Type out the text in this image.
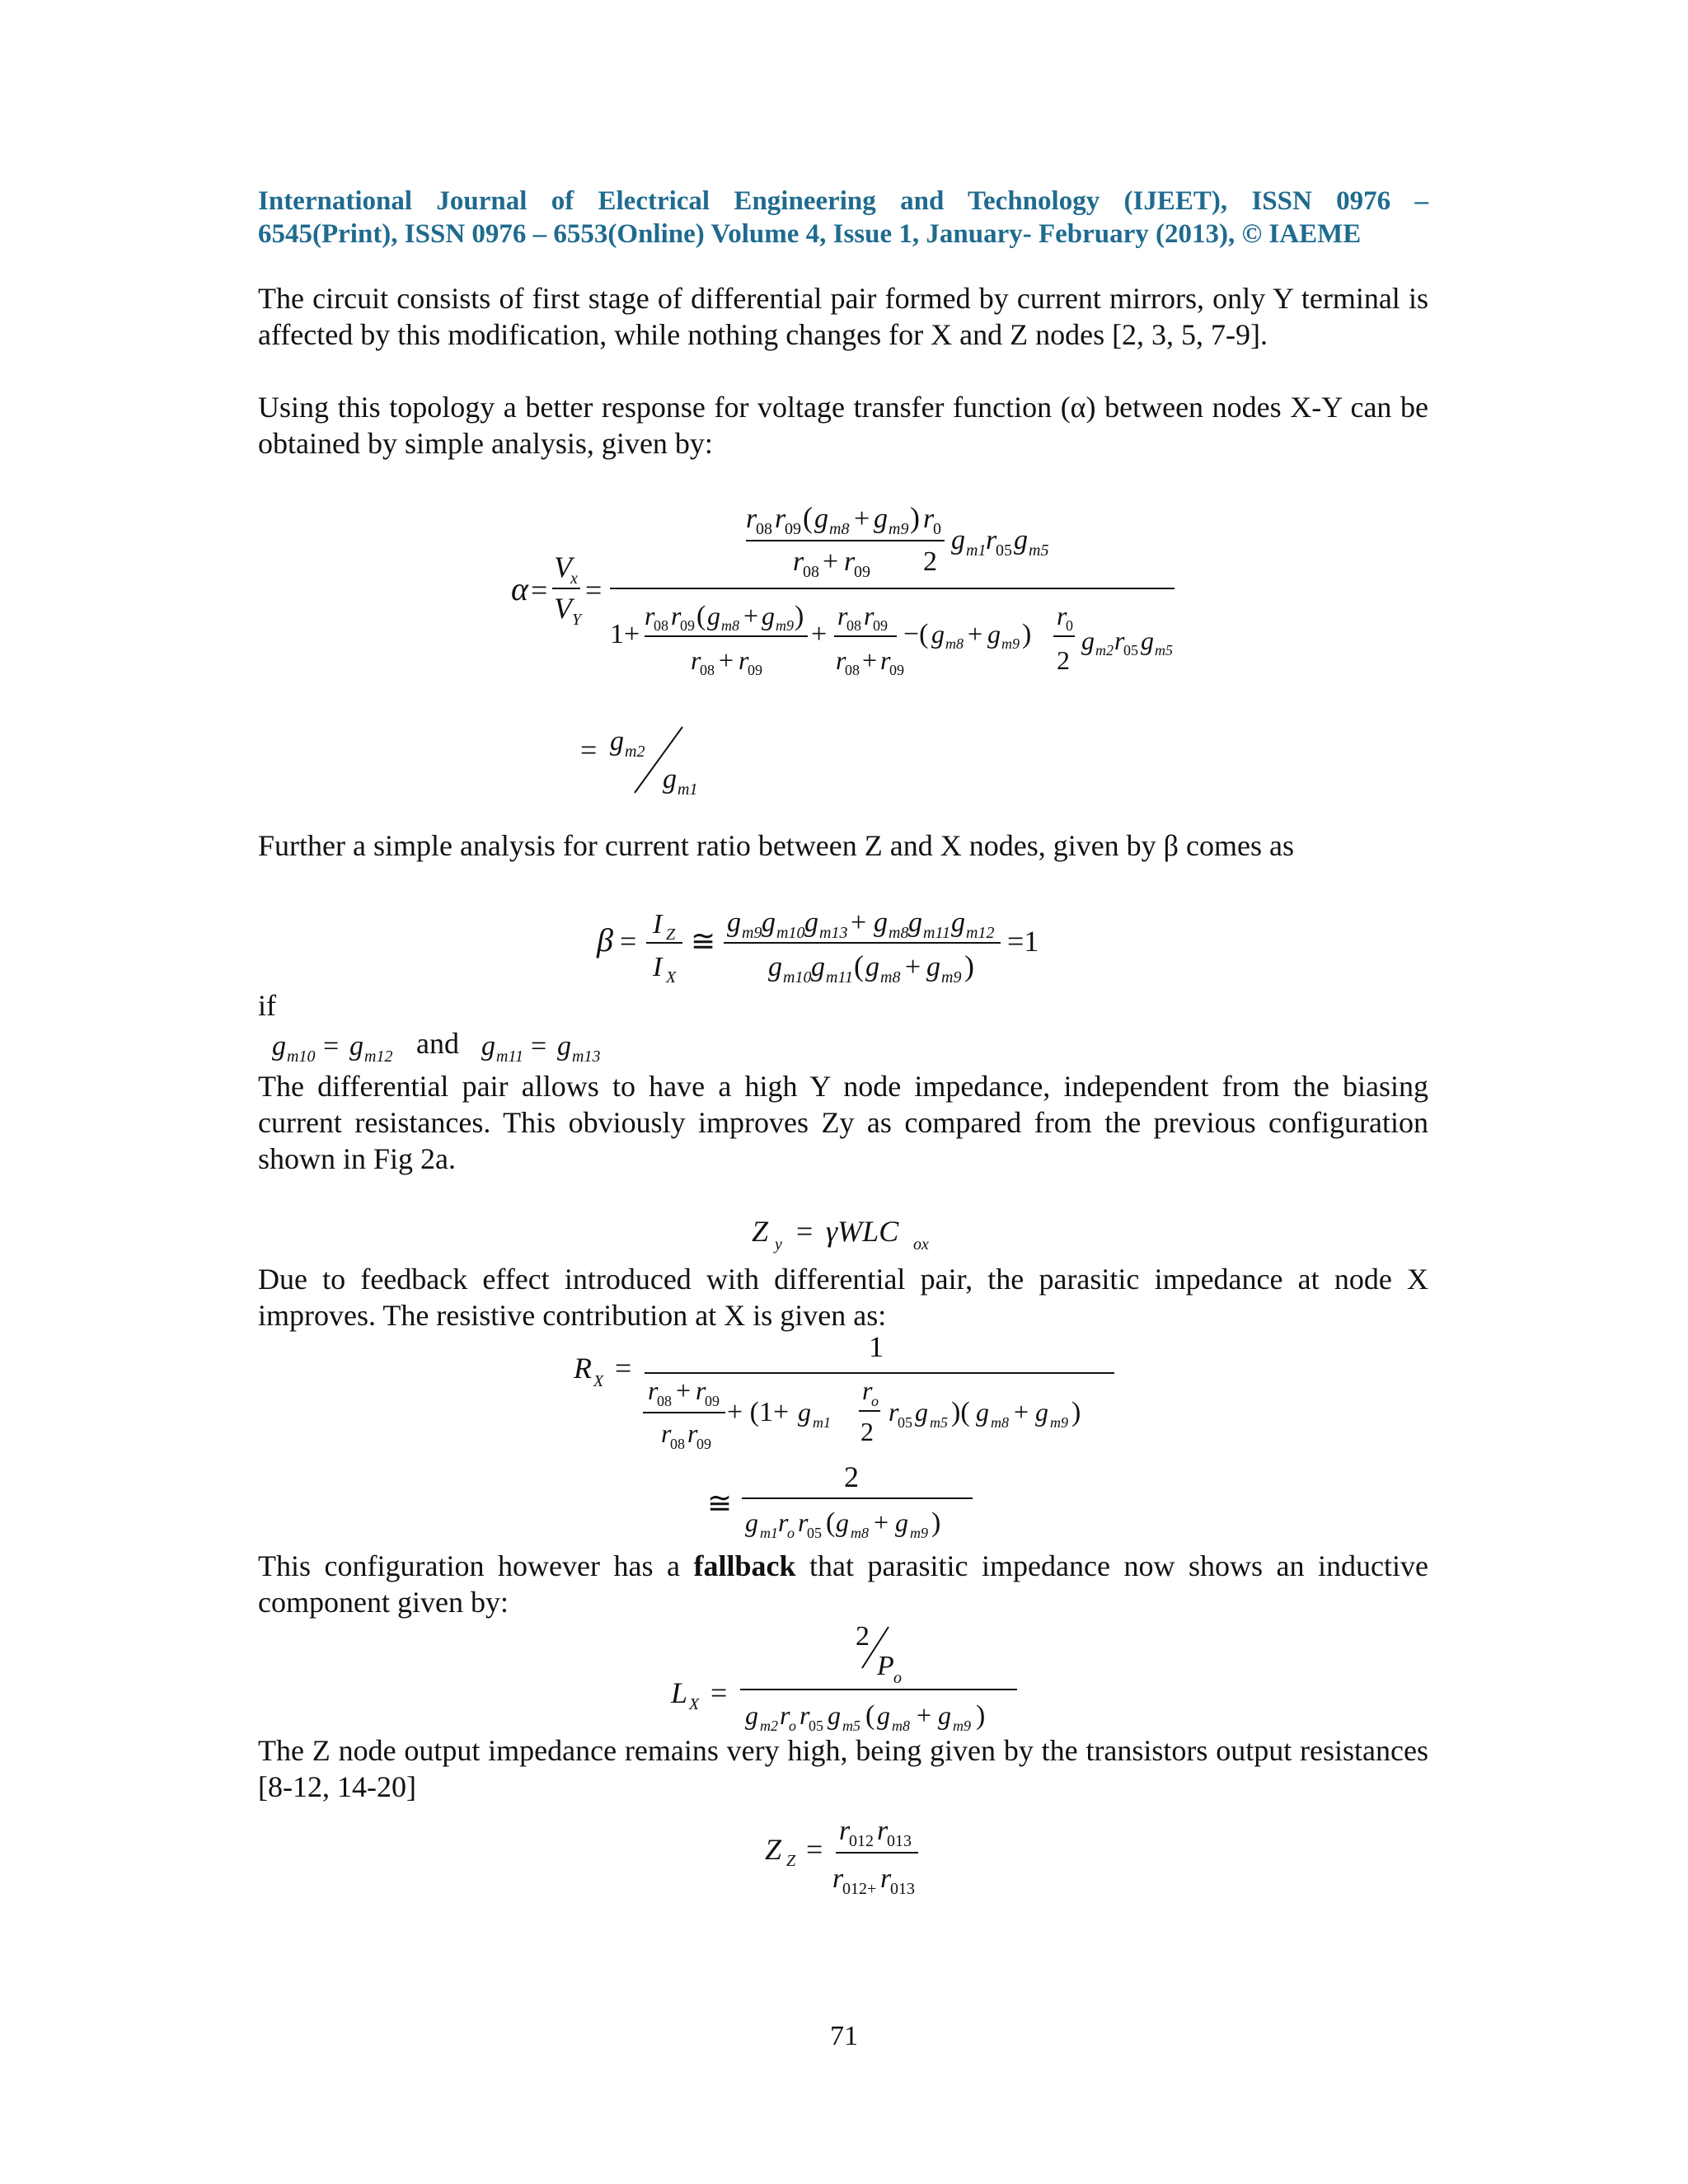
International Journal of Electrical Engineering and Technology (IJEET), ISSN 0976 –
6545(Print), ISSN 0976 – 6553(Online) Volume 4, Issue 1, January- February (2013), © IAEME
The circuit consists of first stage of differential pair formed by current mirrors, only Y terminal is affected by this modification, while nothing changes for X and Z nodes [2, 3, 5, 7-9].
Using this topology a better response for voltage transfer function (α) between nodes X-Y can be obtained by simple analysis, given by:
α =
V
x
V Y
=
r
08 r
09 ( g m8 + g m9 )
r
08 + r
09
r
0
2
g m1 r
05 g m5
1+
r
08 r
09 ( g m8 + g m9 )
r
08 + r
09
+
r
08 r
09
r
08 + r
09
−( g m8 + g m9 )
r
0
2
g m2 r
05 g m5
= g m2
g m1
Further a simple analysis for current ratio between Z and X nodes, given by β comes as
β =
I Z
I X
≅
g m9 g m10 g m13 + g m8 g m11 g m12
g m10 g m11 ( g m8 + g m9 )
=1
if
g m10 = g m12	g m11 = g m13
and
The differential pair allows to have a high Y node impedance, independent from the biasing current resistances. This obviously improves Zy as compared from the previous configuration shown in Fig 2a.
Z y = γWLC ox
Due to feedback effect introduced with differential pair, the parasitic impedance at node X improves. The resistive contribution at X is given as:
R X =
1
r
08 + r
09
r
08 r
09
+ (1+ g m1
r
o
2
r
05 g m5 )( g m8 + g m9 )
≅
2
g m1 r
o r
05 ( g m8 + g m9 )
This configuration however has a fallback that parasitic impedance now shows an inductive component given by:
L X =
2
P o
g m2 r
o r
05 g m5 ( g m8 + g m9 )
The Z node output impedance remains very high, being given by the transistors output resistances [8-12, 14-20]
Z Z =
r
012 r
013
r
012+ r
013
71
